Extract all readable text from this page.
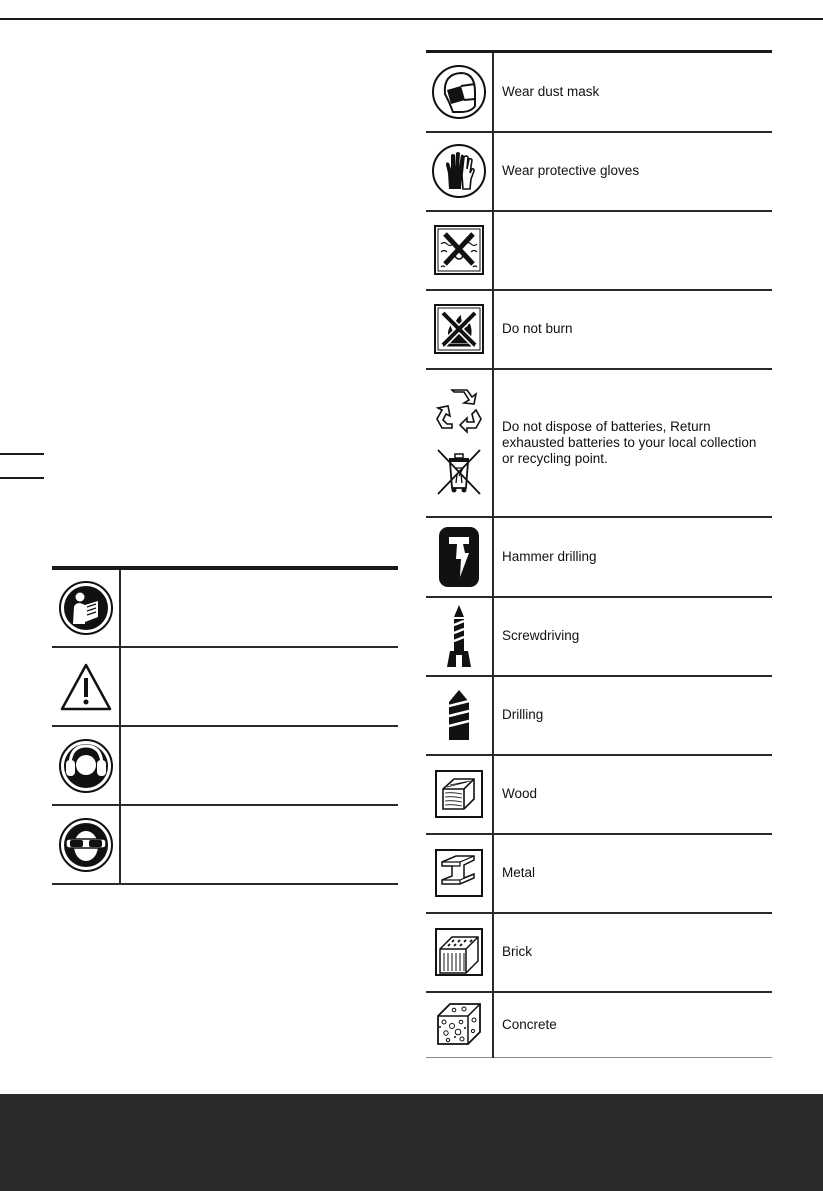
	Wear dust mask

	Wear protective gloves

	Do not burn

	Do not dispose of batteries, Return exhausted batteries to your local collection or recycling point.

	Hammer drilling

	Screwdriving

	Drilling

	Wood

	Metal

	Brick

	Concrete
